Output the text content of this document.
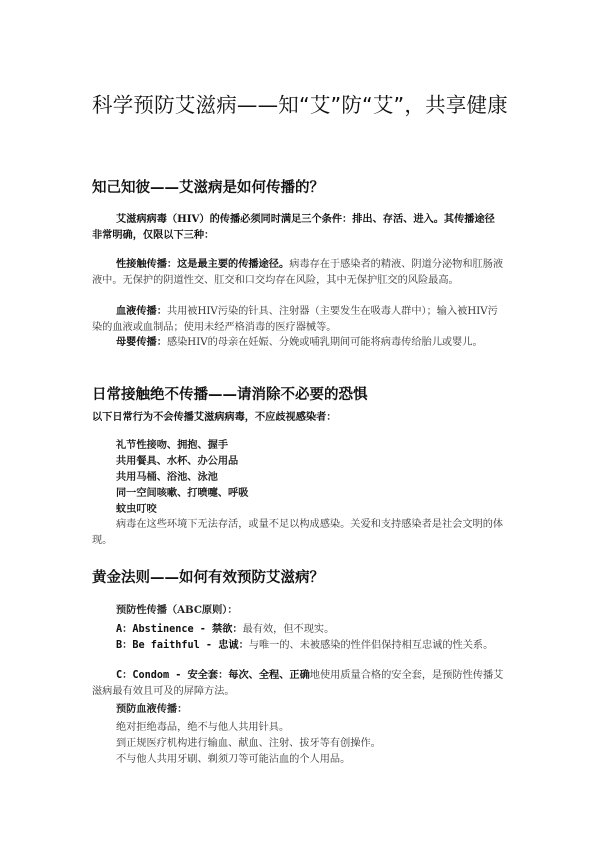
科学预防艾滋病——知“艾”防“艾”，共享健康
知己知彼——艾滋病是如何传播的？

艾滋病病毒（HIV）的传播必须同时满足三个条件：排出、存活、进入。其传播途径非常明确，仅限以下三种：

性接触传播：这是最主要的传播途径。病毒存在于感染者的精液、阴道分泌物和肛肠液液中。无保护的阴道性交、肛交和口交均存在风险，其中无保护肛交的风险最高。

血液传播：共用被HIV污染的针具、注射器（主要发生在吸毒人群中）；输入被HIV污染的血液或血制品；使用未经严格消毒的医疗器械等。

母婴传播：感染HIV的母亲在妊娠、分娩或哺乳期间可能将病毒传给胎儿或婴儿。

日常接触绝不传播——请消除不必要的恐惧

以下日常行为不会传播艾滋病病毒，不应歧视感染者：

礼节性接吻、拥抱、握手

共用餐具、水杯、办公用品

共用马桶、浴池、泳池

同一空间咳嗽、打喷嚏、呼吸

蚊虫叮咬

病毒在这些环境下无法存活，或量不足以构成感染。关爱和支持感染者是社会文明的体现。

黄金法则——如何有效预防艾滋病？

预防性传播（ABC原则）：

A：Abstinence - 禁欲：最有效，但不现实。

B：Be faithful - 忠诚：与唯一的、未被感染的性伴侣保持相互忠诚的性关系。

C：Condom - 安全套：每次、全程、正确地使用质量合格的安全套，是预防性传播艾滋病最有效且可及的屏障方法。

预防血液传播：

绝对拒绝毒品，绝不与他人共用针具。

到正规医疗机构进行输血、献血、注射、拔牙等有创操作。

不与他人共用牙刷、剃须刀等可能沾血的个人用品。
